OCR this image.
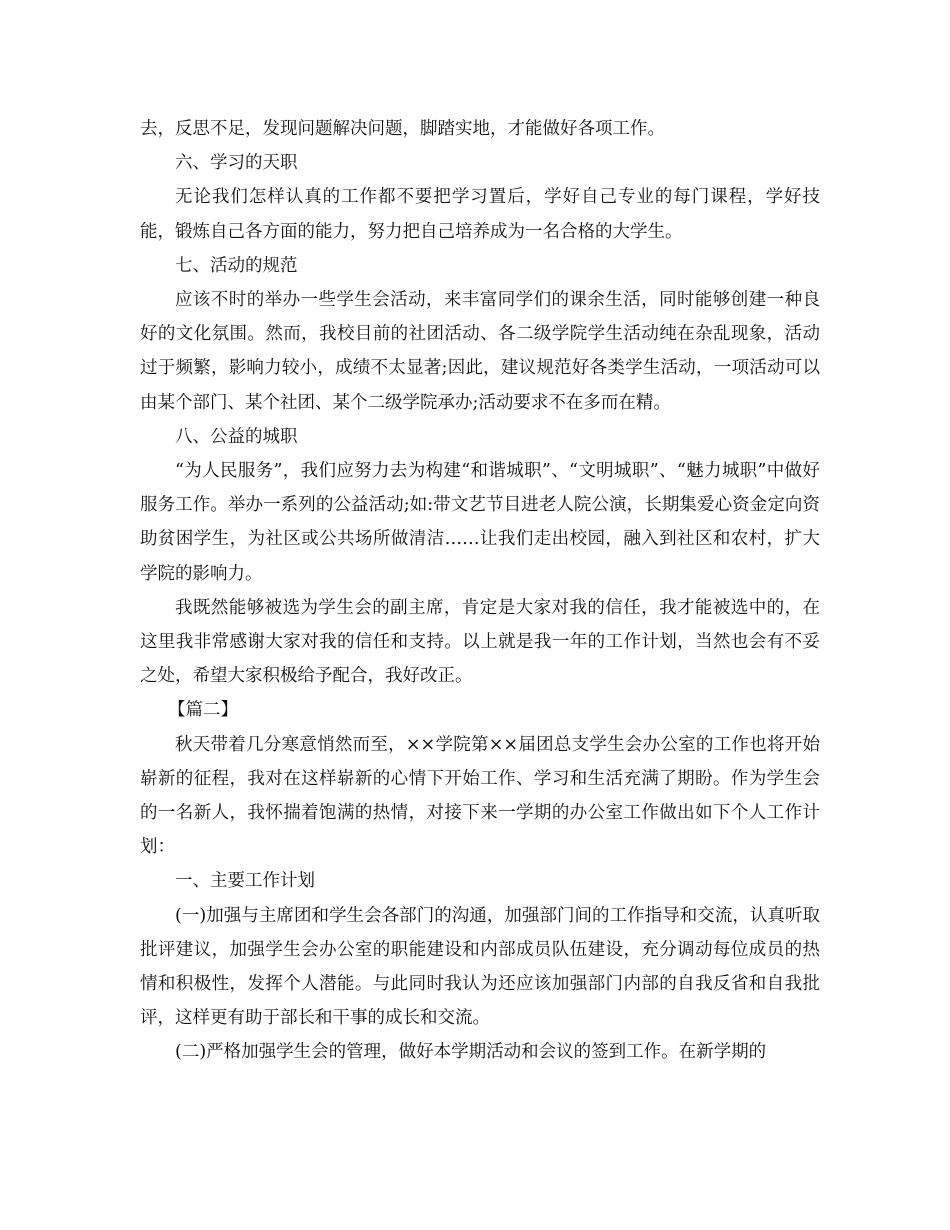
去，反思不足，发现问题解决问题，脚踏实地，才能做好各项工作。

六、学习的天职

无论我们怎样认真的工作都不要把学习置后，学好自己专业的每门课程，学好技能，锻炼自己各方面的能力，努力把自己培养成为一名合格的大学生。

七、活动的规范

应该不时的举办一些学生会活动，来丰富同学们的课余生活，同时能够创建一种良好的文化氛围。然而，我校目前的社团活动、各二级学院学生活动纯在杂乱现象，活动过于频繁，影响力较小，成绩不太显著;因此，建议规范好各类学生活动，一项活动可以由某个部门、某个社团、某个二级学院承办;活动要求不在多而在精。

八、公益的城职

“为人民服务”，我们应努力去为构建“和谐城职”、“文明城职”、“魅力城职”中做好服务工作。举办一系列的公益活动;如:带文艺节目进老人院公演，长期集爱心资金定向资助贫困学生，为社区或公共场所做清洁……让我们走出校园，融入到社区和农村，扩大学院的影响力。

我既然能够被选为学生会的副主席，肯定是大家对我的信任，我才能被选中的，在这里我非常感谢大家对我的信任和支持。以上就是我一年的工作计划，当然也会有不妥之处，希望大家积极给予配合，我好改正。

【篇二】

秋天带着几分寒意悄然而至，××学院第××届团总支学生会办公室的工作也将开始崭新的征程，我对在这样崭新的心情下开始工作、学习和生活充满了期盼。作为学生会的一名新人，我怀揣着饱满的热情，对接下来一学期的办公室工作做出如下个人工作计划：

一、主要工作计划

(一)加强与主席团和学生会各部门的沟通，加强部门间的工作指导和交流，认真听取批评建议，加强学生会办公室的职能建设和内部成员队伍建设，充分调动每位成员的热情和积极性，发挥个人潜能。与此同时我认为还应该加强部门内部的自我反省和自我批评，这样更有助于部长和干事的成长和交流。

(二)严格加强学生会的管理，做好本学期活动和会议的签到工作。在新学期的
